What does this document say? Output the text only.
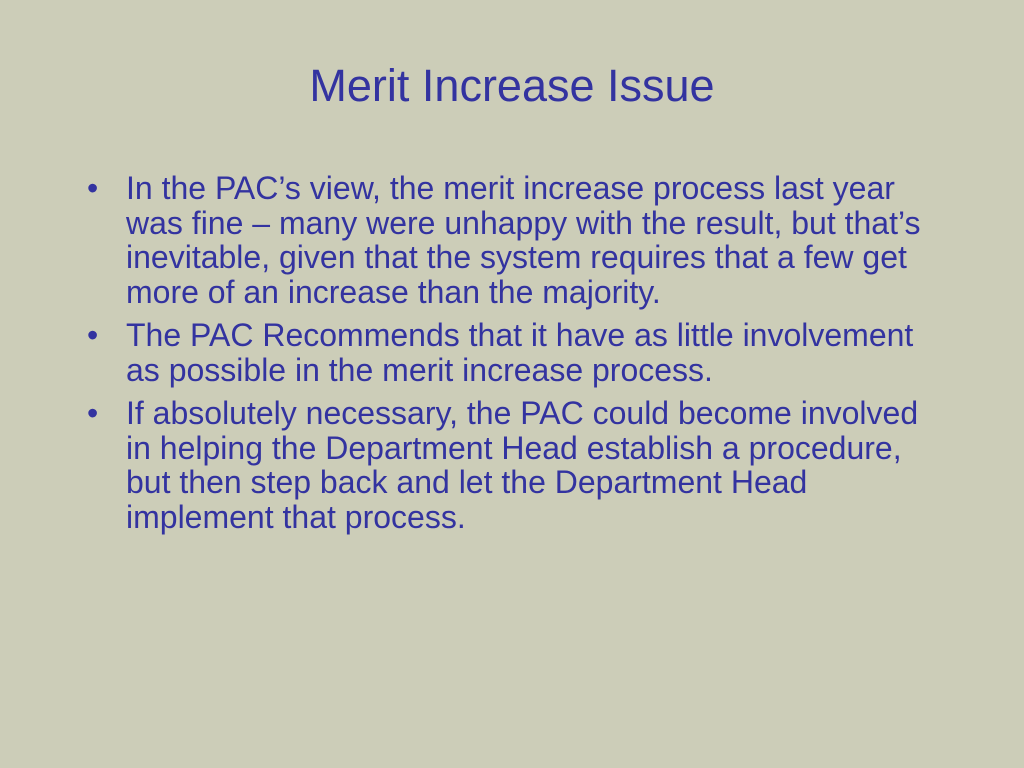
Merit Increase Issue
• In the PAC’s view, the merit increase process last year was fine – many were unhappy with the result, but that’s inevitable, given that the system requires that a few get more of an increase than the majority.
• The PAC Recommends that it have as little involvement as possible in the merit increase process.
• If absolutely necessary, the PAC could become involved in helping the Department Head establish a procedure, but then step back and let the Department Head implement that process.
